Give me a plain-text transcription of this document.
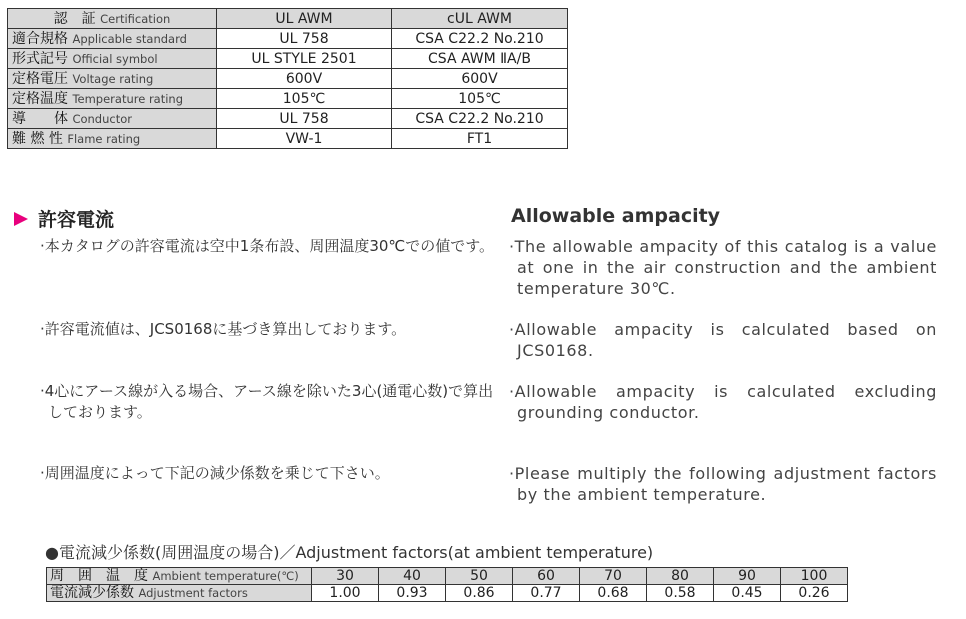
認　証 Certification	UL AWM	cUL AWM
適合規格 Applicable standard	UL 758	CSA C22.2 No.210
形式記号 Official symbol	UL STYLE 2501	CSA AWM ⅡA/B
定格電圧 Voltage rating	600V	600V
定格温度 Temperature rating	105℃	105℃
導　　体 Conductor	UL 758	CSA C22.2 No.210
難 燃 性 Flame rating	VW-1	FT1
許容電流	Allowable ampacity
·本カタログの許容電流は空中1条布設、周囲温度30℃での値です。 ·The allowable ampacity of this catalog is a value at one in the air construction and the ambient temperature 30℃.
·許容電流値は、JCS0168に基づき算出しております。	·Allowable ampacity is calculated based on JCS0168.
·4心にアース線が入る場合、アース線を除いた3心(通電心数)で算出しております。
·Allowable ampacity is calculated excluding grounding conductor.
·周囲温度によって下記の減少係数を乗じて下さい。	·Please multiply the following adjustment factors by the ambient temperature.
●電流減少係数(周囲温度の場合)／Adjustment factors(at ambient temperature)
周　囲　温　度 Ambient temperature(℃)	30	40	50	60	70	80	90	100
電流減少係数 Adjustment factors	1.00	0.93	0.86	0.77	0.68	0.58	0.45	0.26
